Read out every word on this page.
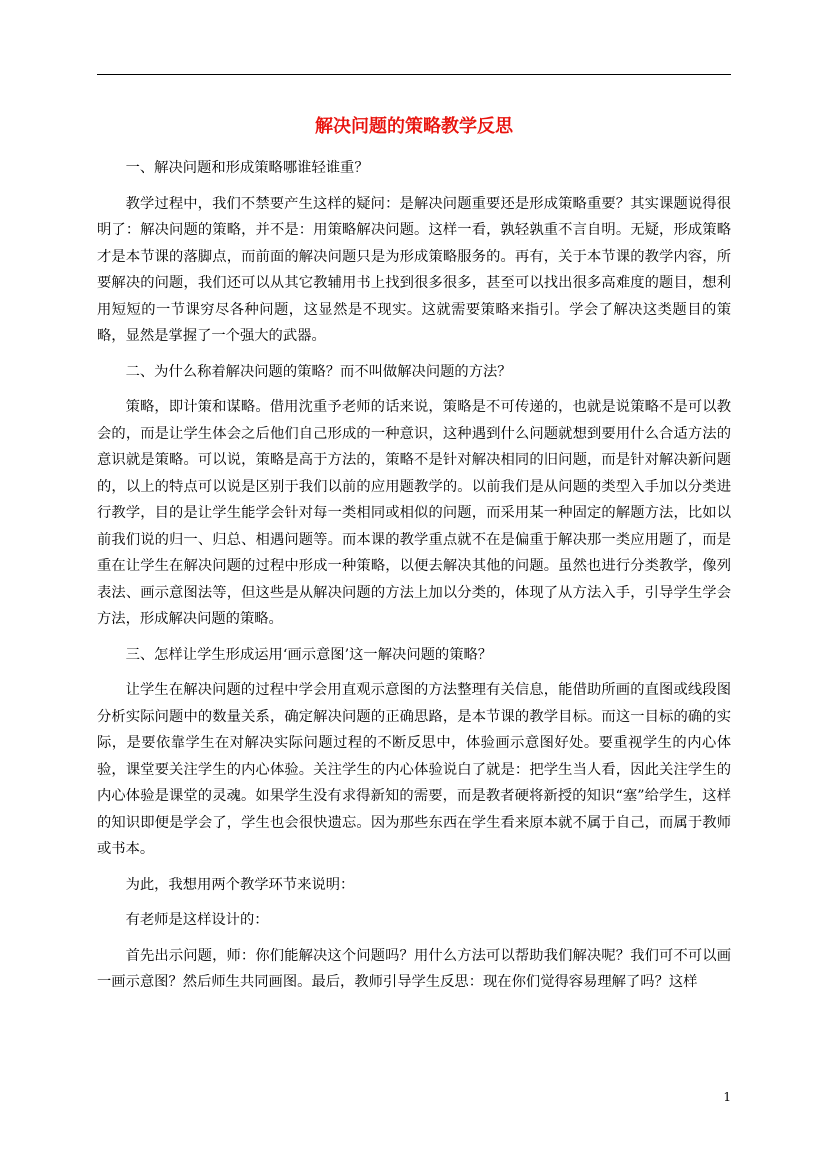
解决问题的策略教学反思

一、解决问题和形成策略哪谁轻谁重？

教学过程中，我们不禁要产生这样的疑问：是解决问题重要还是形成策略重要？其实课题说得很明了：解决问题的策略，并不是：用策略解决问题。这样一看，孰轻孰重不言自明。无疑，形成策略才是本节课的落脚点，而前面的解决问题只是为形成策略服务的。再有，关于本节课的教学内容，所要解决的问题，我们还可以从其它教辅用书上找到很多很多，甚至可以找出很多高难度的题目，想利用短短的一节课穷尽各种问题，这显然是不现实。这就需要策略来指引。学会了解决这类题目的策略，显然是掌握了一个强大的武器。

二、为什么称着解决问题的策略？而不叫做解决问题的方法？

策略，即计策和谋略。借用沈重予老师的话来说，策略是不可传递的，也就是说策略不是可以教会的，而是让学生体会之后他们自己形成的一种意识，这种遇到什么问题就想到要用什么合适方法的意识就是策略。可以说，策略是高于方法的，策略不是针对解决相同的旧问题，而是针对解决新问题的，以上的特点可以说是区别于我们以前的应用题教学的。以前我们是从问题的类型入手加以分类进行教学，目的是让学生能学会针对每一类相同或相似的问题，而采用某一种固定的解题方法，比如以前我们说的归一、归总、相遇问题等。而本课的教学重点就不在是偏重于解决那一类应用题了，而是重在让学生在解决问题的过程中形成一种策略，以便去解决其他的问题。虽然也进行分类教学，像列表法、画示意图法等，但这些是从解决问题的方法上加以分类的，体现了从方法入手，引导学生学会方法，形成解决问题的策略。

三、怎样让学生形成运用‘画示意图’这一解决问题的策略？

让学生在解决问题的过程中学会用直观示意图的方法整理有关信息，能借助所画的直图或线段图分析实际问题中的数量关系，确定解决问题的正确思路，是本节课的教学目标。而这一目标的确的实际，是要依靠学生在对解决实际问题过程的不断反思中，体验画示意图好处。要重视学生的内心体验，课堂要关注学生的内心体验。关注学生的内心体验说白了就是：把学生当人看，因此关注学生的内心体验是课堂的灵魂。如果学生没有求得新知的需要，而是教者硬将新授的知识“塞”给学生，这样的知识即便是学会了，学生也会很快遗忘。因为那些东西在学生看来原本就不属于自己，而属于教师或书本。

为此，我想用两个教学环节来说明：

有老师是这样设计的：

首先出示问题，师：你们能解决这个问题吗？用什么方法可以帮助我们解决呢？我们可不可以画一画示意图？然后师生共同画图。最后，教师引导学生反思：现在你们觉得容易理解了吗？这样

1
